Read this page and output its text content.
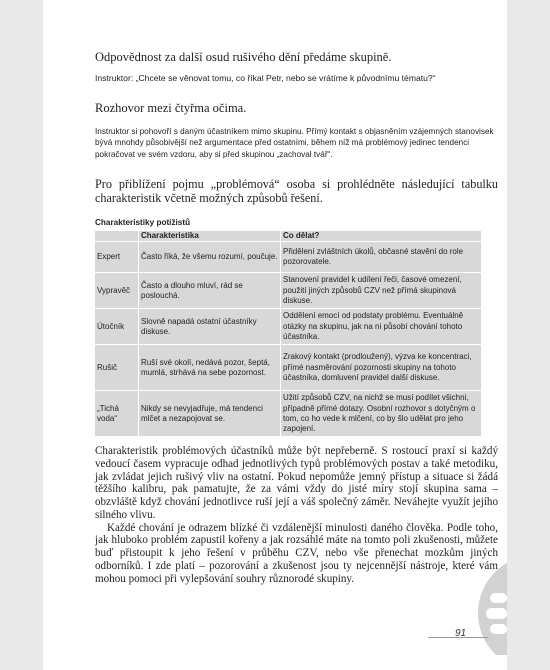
Odpovědnost za další osud rušivého dění předáme skupině.
Instruktor: „Chcete se věnovat tomu, co říkal Petr, nebo se vrátíme k původnímu tématu?“
Rozhovor mezi čtyřma očima.
Instruktor si pohovoří s daným účastníkem mimo skupinu. Přímý kontakt s objasněním vzájemných stanovisek bývá mnohdy působivější než argumentace před ostatními, během níž má problémový jedinec tendenci pokračovat ve svém vzdoru, aby si před skupinou „zachoval tvář“.
Pro přiblížení pojmu „problémová“ osoba si prohlédněte následující tabulku charakteristik včetně možných způsobů řešení.
Charakteristiky potížistů
	Charakteristika	Co dělat?
Expert	Často říká, že všemu rozumí, poučuje.	Přidělení zvláštních úkolů, občasné stavění do role pozorovatele.
Vypravěč	Často a dlouho mluví, rád se poslouchá.	Stanovení pravidel k udílení řeči, časové omezení, použití jiných způsobů CZV než přímá skupinová diskuse.
Útočník	Slovně napadá ostatní účastníky diskuse.	Oddělení emocí od podstaty problému. Eventuálně otázky na skupinu, jak na ni působí chování tohoto účastníka.
Rušič	Ruší své okolí, nedává pozor, šeptá, mumlá, strhává na sebe pozornost.	Zrakový kontakt (prodloužený), výzva ke koncentraci, přímé nasměrování pozornosti skupiny na tohoto účastníka, domluvení pravidel další diskuse.
„Tichá voda“	Nikdy se nevyjadřuje, má tendenci mlčet a nezapojovat se.	Užití způsobů CZV, na nichž se musí podílet všichni, případně přímé dotazy. Osobní rozhovor s dotyčným o tom, co ho vede k mlčení, co by šlo udělat pro jeho zapojení.

Charakteristik problémových účastníků může být nepřeberně. S rostoucí praxí si každý vedoucí časem vypracuje odhad jednotlivých typů problémových postav a také metodiku, jak zvládat jejich rušivý vliv na ostatní. Pokud nepomůže jemný přístup a situace si žádá těžšího kalibru, pak pamatujte, že za vámi vždy do jisté míry stojí skupina sama – obzvláště když chování jednotlivce ruší její a váš společný záměr. Neváhejte využít jejího silného vlivu.

Každé chování je odrazem blízké či vzdálenější minulosti daného člověka. Podle toho, jak hluboko problém zapustil kořeny a jak rozsáhlé máte na tomto poli zkušenosti, můžete buď přistoupit k jeho řešení v průběhu CZV, nebo vše přenechat mozkům jiných odborníků. I zde platí – pozorování a zkušenost jsou ty nejcennější nástroje, které vám mohou pomoci při vylepšování souhry různorodé skupiny.

91
